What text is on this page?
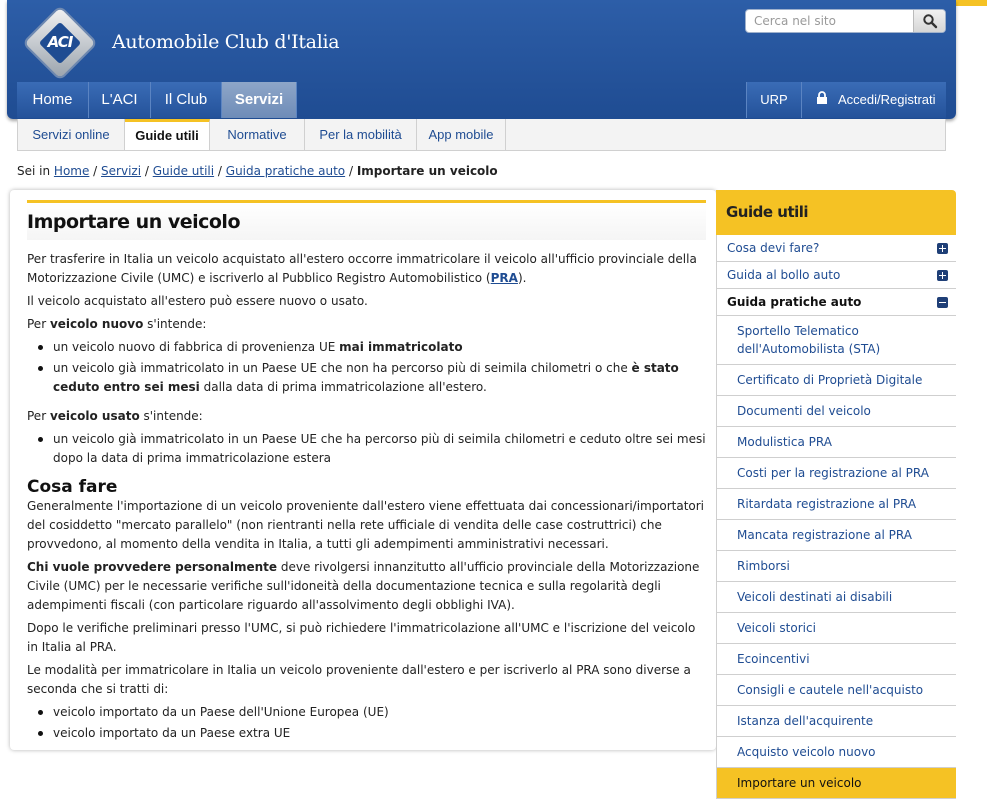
ACI Automobile Club d'Italia
Cerca nel sito
Home	L'ACI	Il Club	Servizi	URP	Accedi/Registrati
Servizi online	Guide utili	Normative	Per la mobilità	App mobile
Sei in Home / Servizi / Guide utili / Guida pratiche auto / Importare un veicolo
Importare un veicolo

Per trasferire in Italia un veicolo acquistato all'estero occorre immatricolare il veicolo all'ufficio provinciale della Motorizzazione Civile (UMC) e iscriverlo al Pubblico Registro Automobilistico (PRA).

Il veicolo acquistato all'estero può essere nuovo o usato.

Per veicolo nuovo s'intende:

un veicolo nuovo di fabbrica di provenienza UE mai immatricolato
un veicolo già immatricolato in un Paese UE che non ha percorso più di seimila chilometri o che è stato ceduto entro sei mesi dalla data di prima immatricolazione all'estero.

Per veicolo usato s'intende:

un veicolo già immatricolato in un Paese UE che ha percorso più di seimila chilometri e ceduto oltre sei mesi dopo la data di prima immatricolazione estera
Cosa fare

Generalmente l'importazione di un veicolo proveniente dall'estero viene effettuata dai concessionari/importatori del cosiddetto "mercato parallelo" (non rientranti nella rete ufficiale di vendita delle case costruttrici) che provvedono, al momento della vendita in Italia, a tutti gli adempimenti amministrativi necessari.

Chi vuole provvedere personalmente deve rivolgersi innanzitutto all'ufficio provinciale della Motorizzazione Civile (UMC) per le necessarie verifiche sull'idoneità della documentazione tecnica e sulla regolarità degli adempimenti fiscali (con particolare riguardo all'assolvimento degli obblighi IVA).

Dopo le verifiche preliminari presso l'UMC, si può richiedere l'immatricolazione all'UMC e l'iscrizione del veicolo in Italia al PRA.

Le modalità per immatricolare in Italia un veicolo proveniente dall'estero e per iscriverlo al PRA sono diverse a seconda che si tratti di:

veicolo importato da un Paese dell'Unione Europea (UE)
veicolo importato da un Paese extra UE
Guide utili
Cosa devi fare?
Guida al bollo auto
Guida pratiche auto
Sportello Telematico dell'Automobilista (STA)
Certificato di Proprietà Digitale
Documenti del veicolo
Modulistica PRA
Costi per la registrazione al PRA
Ritardata registrazione al PRA
Mancata registrazione al PRA
Rimborsi
Veicoli destinati ai disabili
Veicoli storici
Ecoincentivi
Consigli e cautele nell'acquisto
Istanza dell'acquirente
Acquisto veicolo nuovo
Importare un veicolo
